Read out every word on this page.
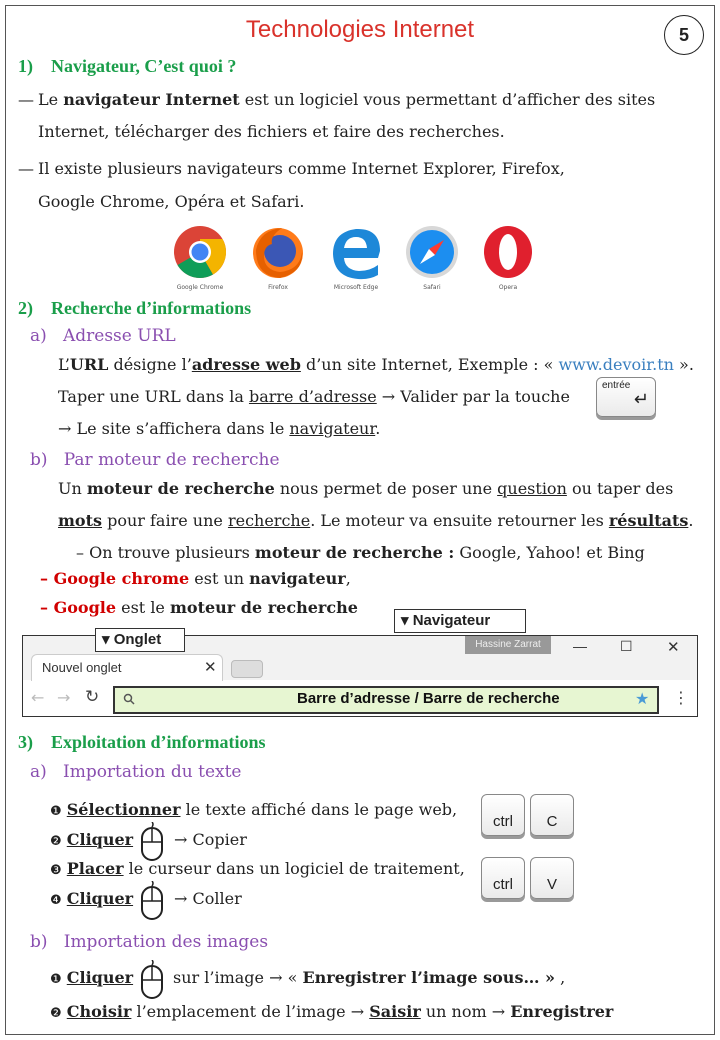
Technologies Internet	5
1)    Navigateur, C’est quoi ?
— Le navigateur Internet est un logiciel vous permettant d’afficher des sites
Internet, télécharger des fichiers et faire des recherches.
— Il existe plusieurs navigateurs comme Internet Explorer, Firefox,
Google Chrome, Opéra et Safari.
Google Chrome	Firefox	Microsoft Edge	Safari	Opera
2)    Recherche d’informations
a)   Adresse URL
L’URL désigne l’adresse web d’un site Internet, Exemple : « www.devoir.tn ».
Taper une URL dans la barre d’adresse → Valider par la touche
entrée
↵
→ Le site s’affichera dans le navigateur.
b)   Par moteur de recherche
Un moteur de recherche nous permet de poser une question ou taper des
mots pour faire une recherche. Le moteur va ensuite retourner les résultats.
– On trouve plusieurs moteur de recherche : Google, Yahoo! et Bing
– Google chrome est un navigateur,
– Google est le moteur de recherche
▾ Navigateur
Nouvel onglet	✕
Hassine Zarrat	— ☐ ✕
← → ↻	Barre d’adresse / Barre de recherche	★ ⋮
▾ Onglet
3)    Exploitation d’informations
a)   Importation du texte
❶ Sélectionner le texte affiché dans le page web,
❷ Cliquer	→ Copier
❸ Placer le curseur dans un logiciel de traitement,
❹ Cliquer	→ Coller
ctrl	C
ctrl	V
b)   Importation des images
❶ Cliquer sur l’image → « Enregistrer l’image sous… » ,
❷ Choisir l’emplacement de l’image → Saisir un nom → Enregistrer
